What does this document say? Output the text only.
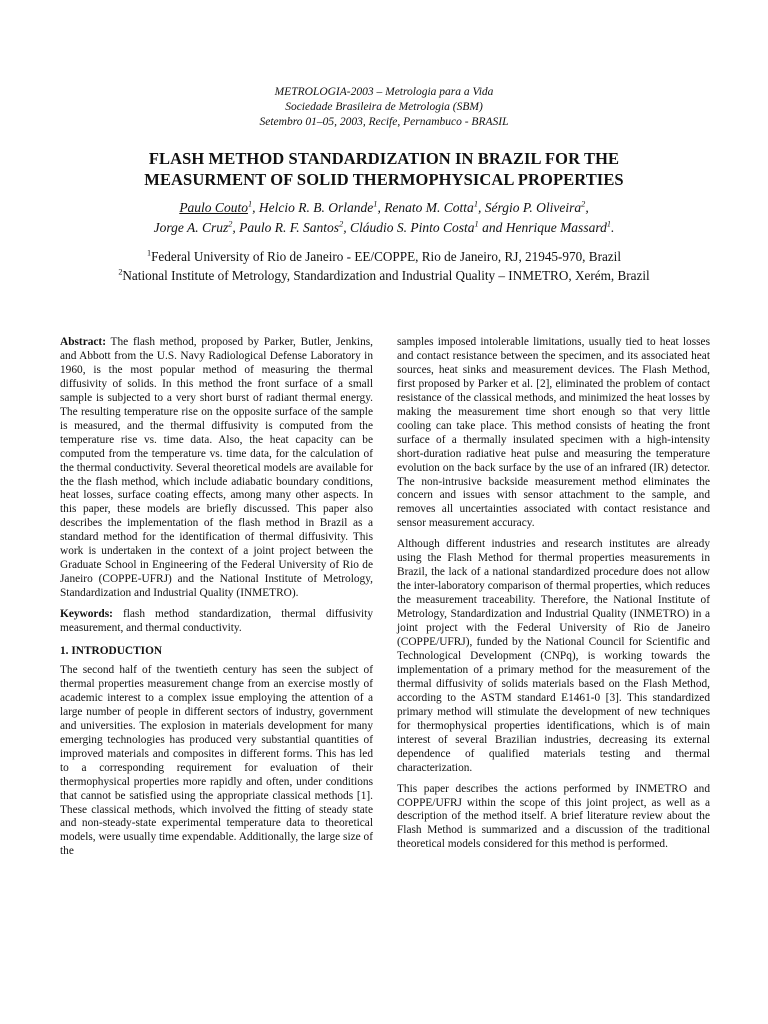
METROLOGIA-2003 – Metrologia para a Vida
Sociedade Brasileira de Metrologia (SBM)
Setembro 01–05, 2003, Recife, Pernambuco - BRASIL
FLASH METHOD STANDARDIZATION IN BRAZIL FOR THE
MEASURMENT OF SOLID THERMOPHYSICAL PROPERTIES
Paulo Couto$^1$, Helcio R. B. Orlande$^1$, Renato M. Cotta$^1$, Sérgio P. Oliveira$^2$,
Jorge A. Cruz$^2$, Paulo R. F. Santos$^2$, Cláudio S. Pinto Costa$^1$ and Henrique Massard$^1$.
$^1$Federal University of Rio de Janeiro - EE/COPPE, Rio de Janeiro, RJ, 21945-970, Brazil
$^2$National Institute of Metrology, Standardization and Industrial Quality – INMETRO, Xerém, Brazil

Abstract: The flash method, proposed by Parker, Butler, Jenkins, and Abbott from the U.S. Navy Radiological Defense Laboratory in 1960, is the most popular method of measuring the thermal diffusivity of solids. In this method the front surface of a small sample is subjected to a very short burst of radiant thermal energy. The resulting temperature rise on the opposite surface of the sample is measured, and the thermal diffusivity is computed from the temperature rise vs. time data. Also, the heat capacity can be computed from the temperature vs. time data, for the calculation of the thermal conductivity. Several theoretical models are available for the the flash method, which include adiabatic boundary conditions, heat losses, surface coating effects, among many other aspects. In this paper, these models are briefly discussed. This paper also describes the implementation of the flash method in Brazil as a standard method for the identification of thermal diffusivity. This work is undertaken in the context of a joint project between the Graduate School in Engineering of the Federal University of Rio de Janeiro (COPPE-UFRJ) and the National Institute of Metrology, Standardization and Industrial Quality (INMETRO).

Keywords: flash method standardization, thermal diffusivity measurement, and thermal conductivity.

1. INTRODUCTION

The second half of the twentieth century has seen the subject of thermal properties measurement change from an exercise mostly of academic interest to a complex issue employing the attention of a large number of people in different sectors of industry, government and universities. The explosion in materials development for many emerging technologies has produced very substantial quantities of improved materials and composites in different forms. This has led to a corresponding requirement for evaluation of their thermophysical properties more rapidly and often, under conditions that cannot be satisfied using the appropriate classical methods [1]. These classical methods, which involved the fitting of steady state and non-steady-state experimental temperature data to theoretical models, were usually time expendable. Additionally, the large size of the

samples imposed intolerable limitations, usually tied to heat losses and contact resistance between the specimen, and its associated heat sources, heat sinks and measurement devices. The Flash Method, first proposed by Parker et al. [2], eliminated the problem of contact resistance of the classical methods, and minimized the heat losses by making the measurement time short enough so that very little cooling can take place. This method consists of heating the front surface of a thermally insulated specimen with a high-intensity short-duration radiative heat pulse and measuring the temperature evolution on the back surface by the use of an infrared (IR) detector. The non-intrusive backside measurement method eliminates the concern and issues with sensor attachment to the sample, and removes all uncertainties associated with contact resistance and sensor measurement accuracy.

Although different industries and research institutes are already using the Flash Method for thermal properties measurements in Brazil, the lack of a national standardized procedure does not allow the inter-laboratory comparison of thermal properties, which reduces the measurement traceability. Therefore, the National Institute of Metrology, Standardization and Industrial Quality (INMETRO) in a joint project with the Federal University of Rio de Janeiro (COPPE/UFRJ), funded by the National Council for Scientific and Technological Development (CNPq), is working towards the implementation of a primary method for the measurement of the thermal diffusivity of solids materials based on the Flash Method, according to the ASTM standard E1461-0 [3]. This standardized primary method will stimulate the development of new techniques for thermophysical properties identifications, which is of main interest of several Brazilian industries, decreasing its external dependence of qualified materials testing and thermal characterization.

This paper describes the actions performed by INMETRO and COPPE/UFRJ within the scope of this joint project, as well as a description of the method itself. A brief literature review about the Flash Method is summarized and a discussion of the traditional theoretical models considered for this method is performed.
